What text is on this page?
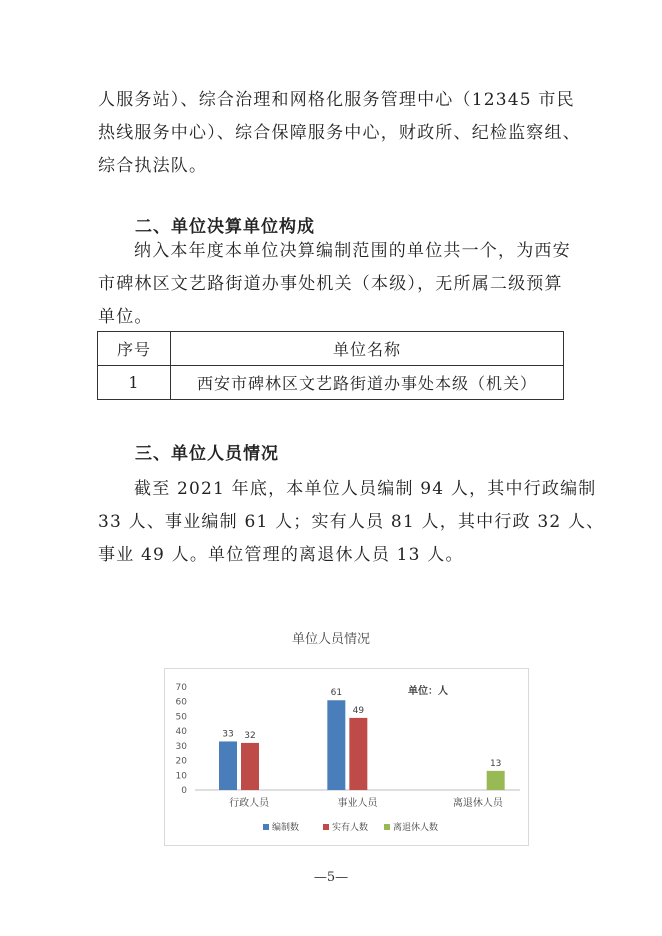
人服务站）、综合治理和网格化服务管理中心（12345 市民
热线服务中心）、综合保障服务中心，财政所、纪检监察组、
综合执法队。

二、单位决算单位构成

纳入本年度本单位决算编制范围的单位共一个，为西安
市碑林区文艺路街道办事处机关（本级），无所属二级预算
单位。

序号	单位名称
1	西安市碑林区文艺路街道办事处本级（机关）
三、单位人员情况

截至 2021 年底，本单位人员编制 94 人，其中行政编制
33 人、事业编制 61 人；实有人员 81 人，其中行政 32 人、
事业 49 人。单位管理的离退休人员 13 人。

单位人员情况
0
10
20
30
40
50
60
70
33 32
行政人员
61
49
事业人员
13
离退休人员
单位：人
编制数	实有人数	离退休人数
—5—
